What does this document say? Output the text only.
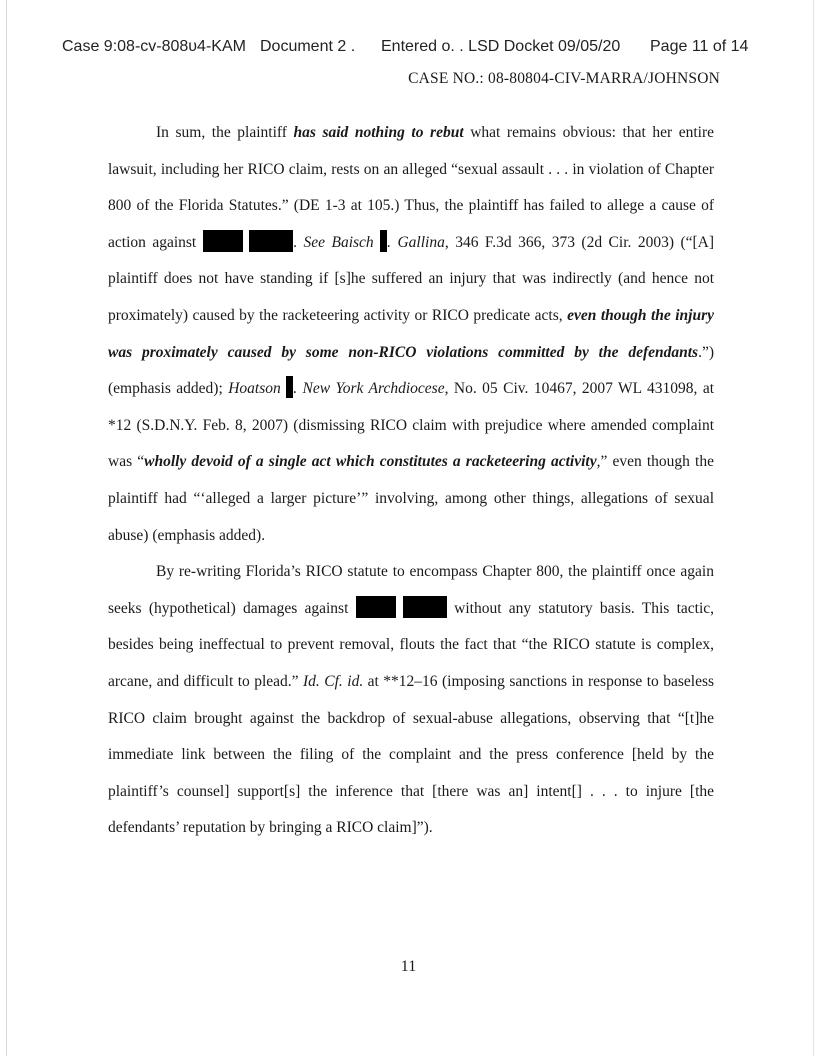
Case 9:08-cv-808υ4-KAM Document 2 . Entered o. . LSD Docket 09/05/20 Page 11 of 14
CASE NO.: 08-80804-CIV-MARRA/JOHNSON

In sum, the plaintiff has said nothing to rebut what remains obvious: that her entire lawsuit, including her RICO claim, rests on an alleged “sexual assault . . . in violation of Chapter 800 of the Florida Statutes.” (DE 1-3 at 105.) Thus, the plaintiff has failed to allege a cause of action against	. See Baisch . Gallina, 346 F.3d 366, 373 (2d Cir. 2003) (“[A] plaintiff does not have standing if [s]he suffered an injury that was indirectly (and hence not proximately) caused by the racketeering activity or RICO predicate acts, even though the injury was proximately caused by some non-RICO violations committed by the defendants.”) (emphasis added); Hoatson . New York Archdiocese, No. 05 Civ. 10467, 2007 WL 431098, at *12 (S.D.N.Y. Feb. 8, 2007) (dismissing RICO claim with prejudice where amended complaint was “wholly devoid of a single act which constitutes a racketeering activity,” even though the plaintiff had “‘alleged a larger picture’” involving, among other things, allegations of sexual abuse) (emphasis added).

By re-writing Florida’s RICO statute to encompass Chapter 800, the plaintiff once again seeks (hypothetical) damages against	without any statutory basis. This tactic, besides being ineffectual to prevent removal, flouts the fact that “the RICO statute is complex, arcane, and difficult to plead.” Id. Cf. id. at **12–16 (imposing sanctions in response to baseless RICO claim brought against the backdrop of sexual-abuse allegations, observing that “[t]he immediate link between the filing of the complaint and the press conference [held by the plaintiff’s counsel] support[s] the inference that [there was an] intent[] . . . to injure [the defendants’ reputation by bringing a RICO claim]”).

11
